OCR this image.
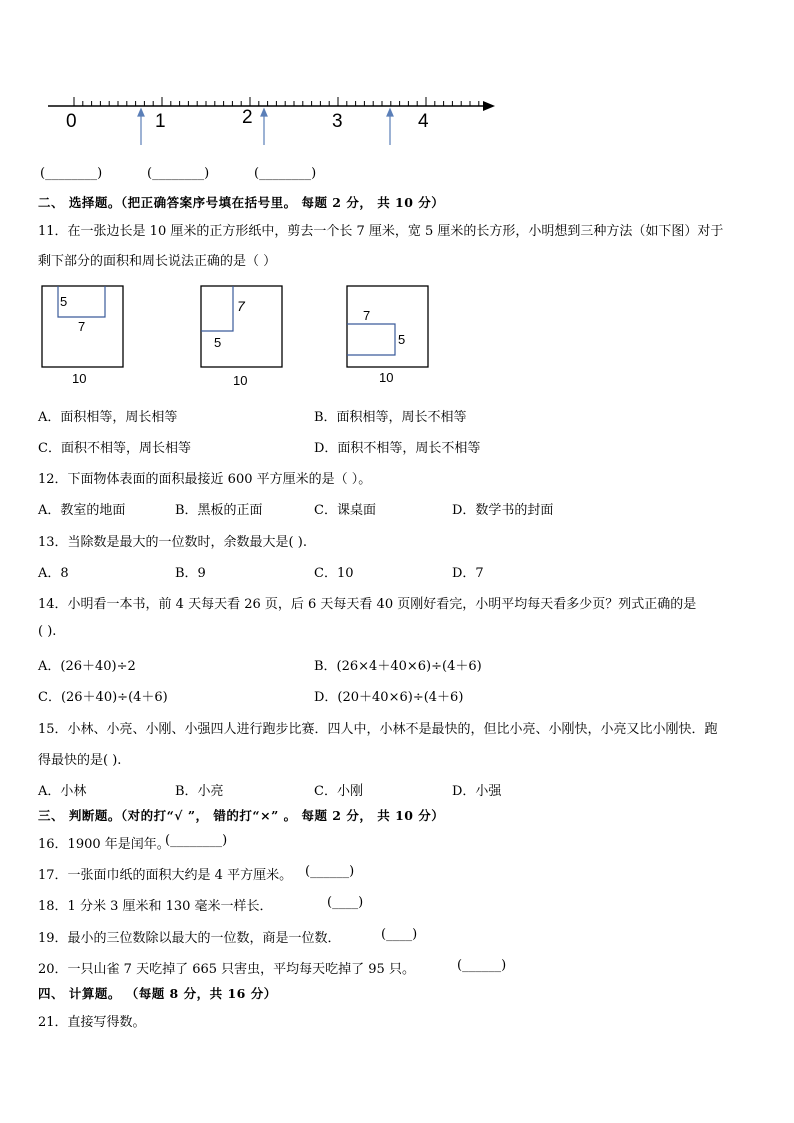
0	1	2	3	4
(________)	(________)	(________)
二、 选择题。（把正确答案序号填在括号里。 每题 2 分， 共 10 分）
11．在一张边长是 10 厘米的正方形纸中，剪去一个长 7 厘米，宽 5 厘米的长方形，小明想到三种方法（如下图）对于
剩下部分的面积和周长说法正确的是（ ）
5
7
10
7
5
10
7
5
10
A．面积相等，周长相等	B．面积相等，周长不相等
C．面积不相等，周长相等	D．面积不相等，周长不相等
12．下面物体表面的面积最接近 600 平方厘米的是（ ）。
A．教室的地面	B．黑板的正面	C．课桌面	D．数学书的封面
13．当除数是最大的一位数时，余数最大是( ).
A．8	B．9	C．10	D．7
14．小明看一本书，前 4 天每天看 26 页，后 6 天每天看 40 页刚好看完，小明平均每天看多少页？列式正确的是
( ).
A．(26＋40)÷2	B．(26×4＋40×6)÷(4＋6)
C．(26＋40)÷(4＋6)	D．(20＋40×6)÷(4＋6)
15．小林、小亮、小刚、小强四人进行跑步比赛．四人中，小林不是最快的，但比小亮、小刚快，小亮又比小刚快．跑
得最快的是( ).
A．小林	B．小亮	C．小刚	D．小强
三、 判断题。（对的打“√ ”， 错的打“×” 。 每题 2 分， 共 10 分）
16．1900 年是闰年。
(________)
17．一张面巾纸的面积大约是 4 平方厘米。 (______)
18．1 分米 3 厘米和 130 毫米一样长．	(____)
19．最小的三位数除以最大的一位数，商是一位数．	(____)
20．一只山雀 7 天吃掉了 665 只害虫，平均每天吃掉了 95 只。	(______)
四、 计算题。 （每题 8 分，共 16 分）
21．直接写得数。
